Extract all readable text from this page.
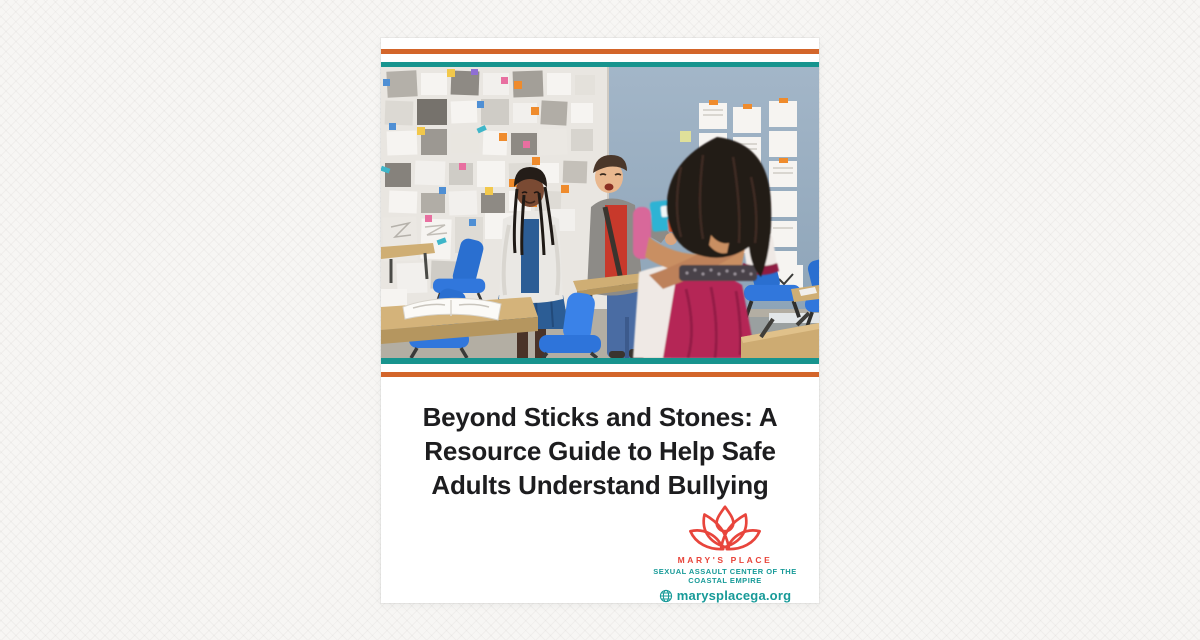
Beyond Sticks and Stones: A
Resource Guide to Help Safe
Adults Understand Bullying
MARY'S PLACE
SEXUAL ASSAULT CENTER OF THE
COASTAL EMPIRE
marysplacega.org
